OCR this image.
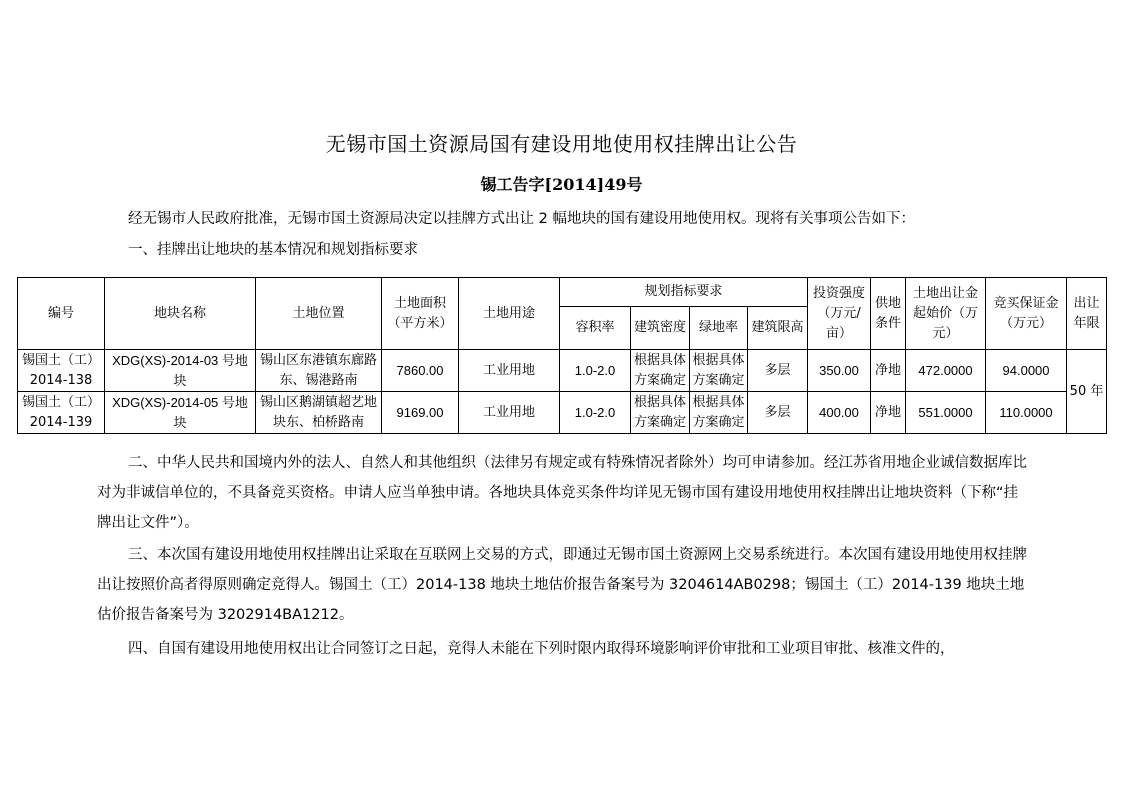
无锡市国土资源局国有建设用地使用权挂牌出让公告
锡工告字[2014]49号
经无锡市人民政府批准，无锡市国土资源局决定以挂牌方式出让 2 幅地块的国有建设用地使用权。现将有关事项公告如下：
一、挂牌出让地块的基本情况和规划指标要求
编号	地块名称	土地位置	土地面积（平方米）	土地用途	规划指标要求				投资强度（万元/亩）	供地条件	土地出让金起始价（万元）	竞买保证金（万元）	出让年限
					容积率	建筑密度	绿地率	建筑限高					
锡国土（工）2014-138	XDG(XS)-2014-03 号地块	锡山区东港镇东廊路东、锡港路南	7860.00	工业用地	1.0-2.0	根据具体方案确定	根据具体方案确定	多层	350.00	净地	472.0000	94.0000	50 年
锡国土（工）2014-139	XDG(XS)-2014-05 号地块	锡山区鹅湖镇超艺地块东、柏桥路南	9169.00	工业用地	1.0-2.0	根据具体方案确定	根据具体方案确定	多层	400.00	净地	551.0000	110.0000	
二、中华人民共和国境内外的法人、自然人和其他组织（法律另有规定或有特殊情况者除外）均可申请参加。经江苏省用地企业诚信数据库比对为非诚信单位的，不具备竞买资格。申请人应当单独申请。各地块具体竞买条件均详见无锡市国有建设用地使用权挂牌出让地块资料（下称“挂牌出让文件”）。
三、本次国有建设用地使用权挂牌出让采取在互联网上交易的方式，即通过无锡市国土资源网上交易系统进行。本次国有建设用地使用权挂牌出让按照价高者得原则确定竞得人。锡国土（工）2014-138 地块土地估价报告备案号为 3204614AB0298；锡国土（工）2014-139 地块土地估价报告备案号为 3202914BA1212。
四、自国有建设用地使用权出让合同签订之日起，竞得人未能在下列时限内取得环境影响评价审批和工业项目审批、核准文件的，
